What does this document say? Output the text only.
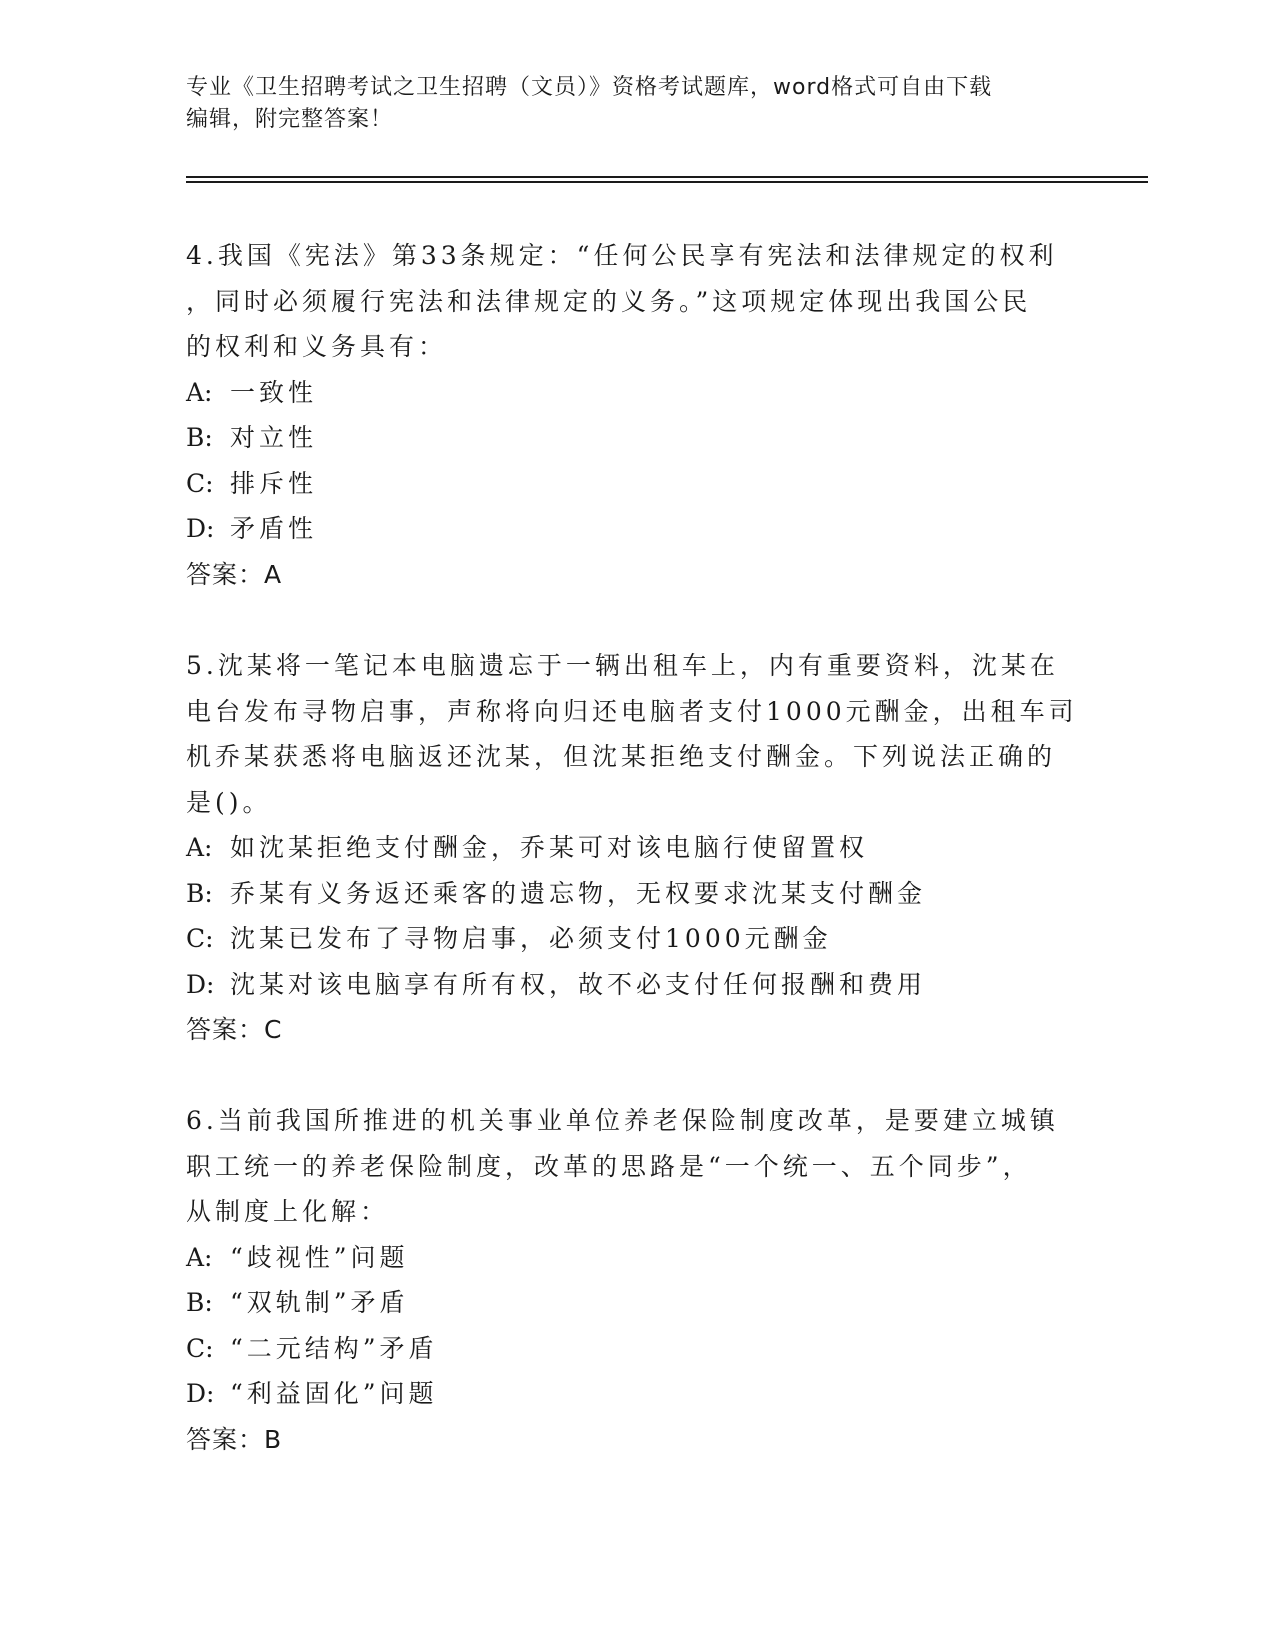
专业《卫生招聘考试之卫生招聘（文员）》资格考试题库，word格式可自由下载

编辑，附完整答案！

4.我国《宪法》第33条规定：“任何公民享有宪法和法律规定的权利
，同时必须履行宪法和法律规定的义务。”这项规定体现出我国公民
的权利和义务具有：
A: 一致性
B: 对立性
C: 排斥性
D: 矛盾性
答案：A
5.沈某将一笔记本电脑遗忘于一辆出租车上，内有重要资料，沈某在
电台发布寻物启事，声称将向归还电脑者支付1000元酬金，出租车司
机乔某获悉将电脑返还沈某，但沈某拒绝支付酬金。下列说法正确的
是()。
A: 如沈某拒绝支付酬金，乔某可对该电脑行使留置权
B: 乔某有义务返还乘客的遗忘物，无权要求沈某支付酬金
C: 沈某已发布了寻物启事，必须支付1000元酬金
D: 沈某对该电脑享有所有权，故不必支付任何报酬和费用
答案：C
6.当前我国所推进的机关事业单位养老保险制度改革，是要建立城镇
职工统一的养老保险制度，改革的思路是“一个统一、五个同步”，
从制度上化解：
A: “歧视性”问题
B: “双轨制”矛盾
C: “二元结构”矛盾
D: “利益固化”问题
答案：B
